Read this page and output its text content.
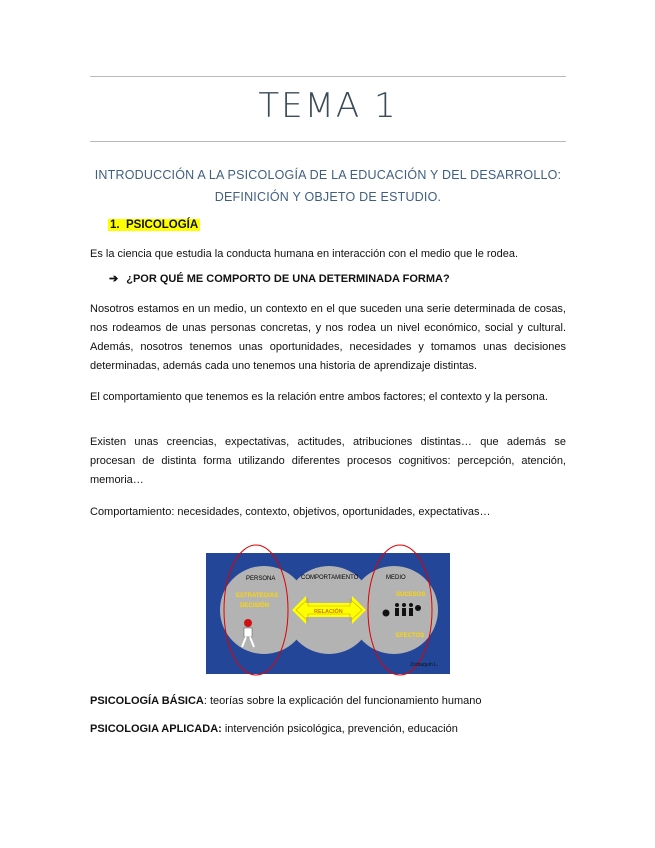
TEMA 1
INTRODUCCIÓN A LA PSICOLOGÍA DE LA EDUCACIÓN Y DEL DESARROLLO:
DEFINICIÓN Y OBJETO DE ESTUDIO.
1. PSICOLOGÍA
Es la ciencia que estudia la conducta humana en interacción con el medio que le rodea.
➔ ¿POR QUÉ ME COMPORTO DE UNA DETERMINADA FORMA?
Nosotros estamos en un medio, un contexto en el que suceden una serie determinada de cosas, nos rodeamos de unas personas concretas, y nos rodea un nivel económico, social y cultural. Además, nosotros tenemos unas oportunidades, necesidades y tomamos unas decisiones determinadas, además cada uno tenemos una historia de aprendizaje distintas.
El comportamiento que tenemos es la relación entre ambos factores; el contexto y la persona.
Existen unas creencias, expectativas, actitudes, atribuciones distintas… que además se procesan de distinta forma utilizando diferentes procesos cognitivos: percepción, atención, memoria…
Comportamiento: necesidades, contexto, objetivos, oportunidades, expectativas…
PERSONA	COMPORTAMIENTO	MEDIO
ESTRATEGIAS
DECISIÓN
RELACIÓN
SUCESOS
EFECTOS
Zorbaquín L.
PSICOLOGÍA BÁSICA: teorías sobre la explicación del funcionamiento humano
PSICOLOGIA APLICADA: intervención psicológica, prevención, educación
